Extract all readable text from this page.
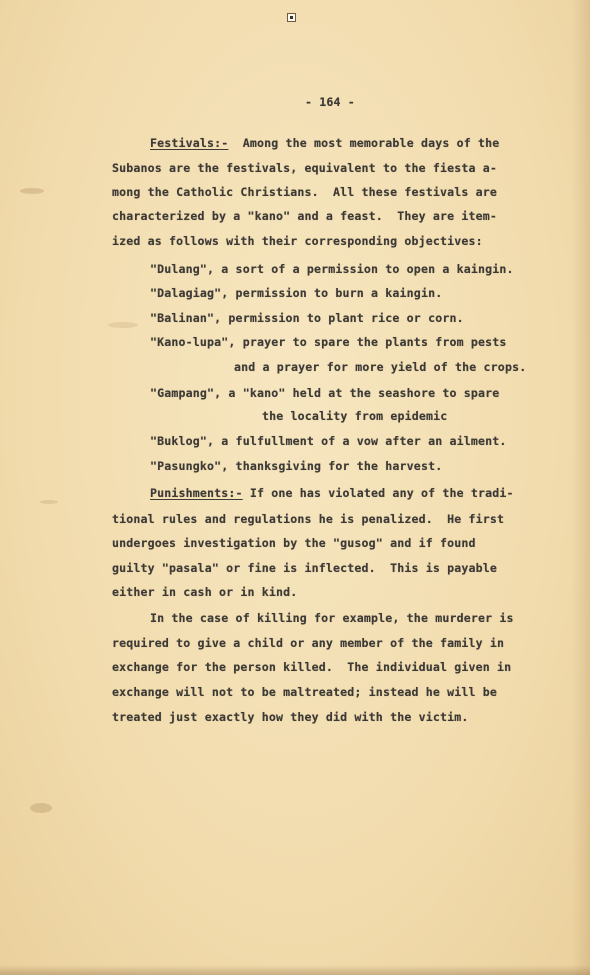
- 164 -

Festivals:-  Among the most memorable days of the

Subanos are the festivals, equivalent to the fiesta a-

mong the Catholic Christians.  All these festivals are

characterized by a "kano" and a feast.  They are item-

ized as follows with their corresponding objectives:

"Dulang", a sort of a permission to open a kaingin.

"Dalagiag", permission to burn a kaingin.

"Balinan", permission to plant rice or corn.

"Kano-lupa", prayer to spare the plants from pests

and a prayer for more yield of the crops.

"Gampang", a "kano" held at the seashore to spare

the locality from epidemic

"Buklog", a fulfullment of a vow after an ailment.

"Pasungko", thanksgiving for the harvest.

Punishments:- If one has violated any of the tradi-

tional rules and regulations he is penalized.  He first

undergoes investigation by the "gusog" and if found

guilty "pasala" or fine is inflected.  This is payable

either in cash or in kind.

In the case of killing for example, the murderer is

required to give a child or any member of the family in

exchange for the person killed.  The individual given in

exchange will not to be maltreated; instead he will be

treated just exactly how they did with the victim.
